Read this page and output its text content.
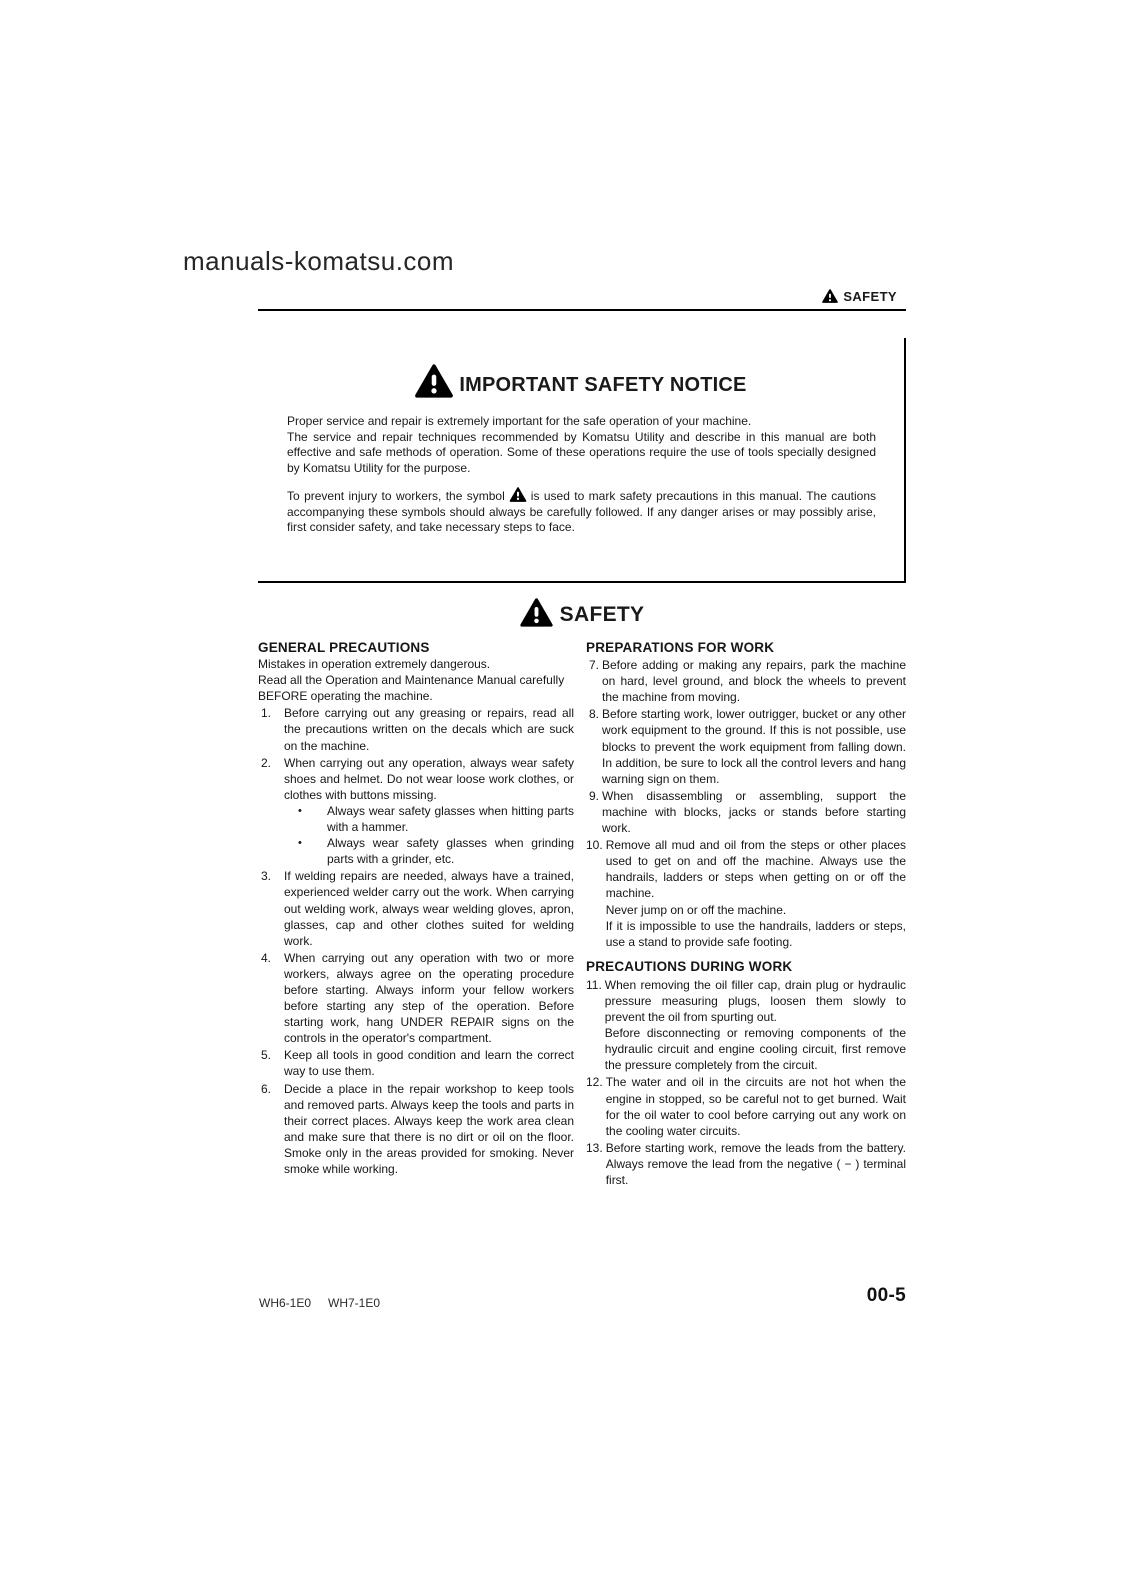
manuals-komatsu.com
SAFETY
IMPORTANT SAFETY NOTICE

Proper service and repair is extremely important for the safe operation of your machine.

The service and repair techniques recommended by Komatsu Utility and describe in this manual are both effective and safe methods of operation. Some of these operations require the use of tools specially designed by Komatsu Utility for the purpose.

To prevent injury to workers, the symbol is used to mark safety precautions in this manual. The cautions accompanying these symbols should always be carefully followed. If any danger arises or may possibly arise, first consider safety, and take necessary steps to face.

SAFETY
GENERAL PRECAUTIONS

Mistakes in operation extremely dangerous.

Read all the Operation and Maintenance Manual carefully BEFORE operating the machine.

1. Before carrying out any greasing or repairs, read all the precautions written on the decals which are suck on the machine.

2. When carrying out any operation, always wear safety shoes and helmet. Do not wear loose work clothes, or clothes with buttons missing.

•	Always wear safety glasses when hitting parts with a hammer.
•	Always wear safety glasses when grinding parts with a grinder, etc.
3. If welding repairs are needed, always have a trained, experienced welder carry out the work. When carrying out welding work, always wear welding gloves, apron, glasses, cap and other clothes suited for welding work.

4. When carrying out any operation with two or more workers, always agree on the operating procedure before starting. Always inform your fellow workers before starting any step of the operation. Before starting work, hang UNDER REPAIR signs on the controls in the operator's compartment.

5. Keep all tools in good condition and learn the correct way to use them.

6. Decide a place in the repair workshop to keep tools and removed parts. Always keep the tools and parts in their correct places. Always keep the work area clean and make sure that there is no dirt or oil on the floor. Smoke only in the areas provided for smoking. Never smoke while working.

PREPARATIONS FOR WORK
7. Before adding or making any repairs, park the machine on hard, level ground, and block the wheels to prevent the machine from moving.

8. Before starting work, lower outrigger, bucket or any other work equipment to the ground. If this is not possible, use blocks to prevent the work equipment from falling down. In addition, be sure to lock all the control levers and hang warning sign on them.

9. When disassembling or assembling, support the machine with blocks, jacks or stands before starting work.

10. Remove all mud and oil from the steps or other places used to get on and off the machine. Always use the handrails, ladders or steps when getting on or off the machine.

Never jump on or off the machine.

If it is impossible to use the handrails, ladders or steps, use a stand to provide safe footing.

PRECAUTIONS DURING WORK
11. When removing the oil filler cap, drain plug or hydraulic pressure measuring plugs, loosen them slowly to prevent the oil from spurting out.

Before disconnecting or removing components of the hydraulic circuit and engine cooling circuit, first remove the pressure completely from the circuit.

12. The water and oil in the circuits are not hot when the engine in stopped, so be careful not to get burned. Wait for the oil water to cool before carrying out any work on the cooling water circuits.

13. Before starting work, remove the leads from the battery. Always remove the lead from the negative ( − ) terminal first.

WH6-1E0 WH7-1E0	00-5
